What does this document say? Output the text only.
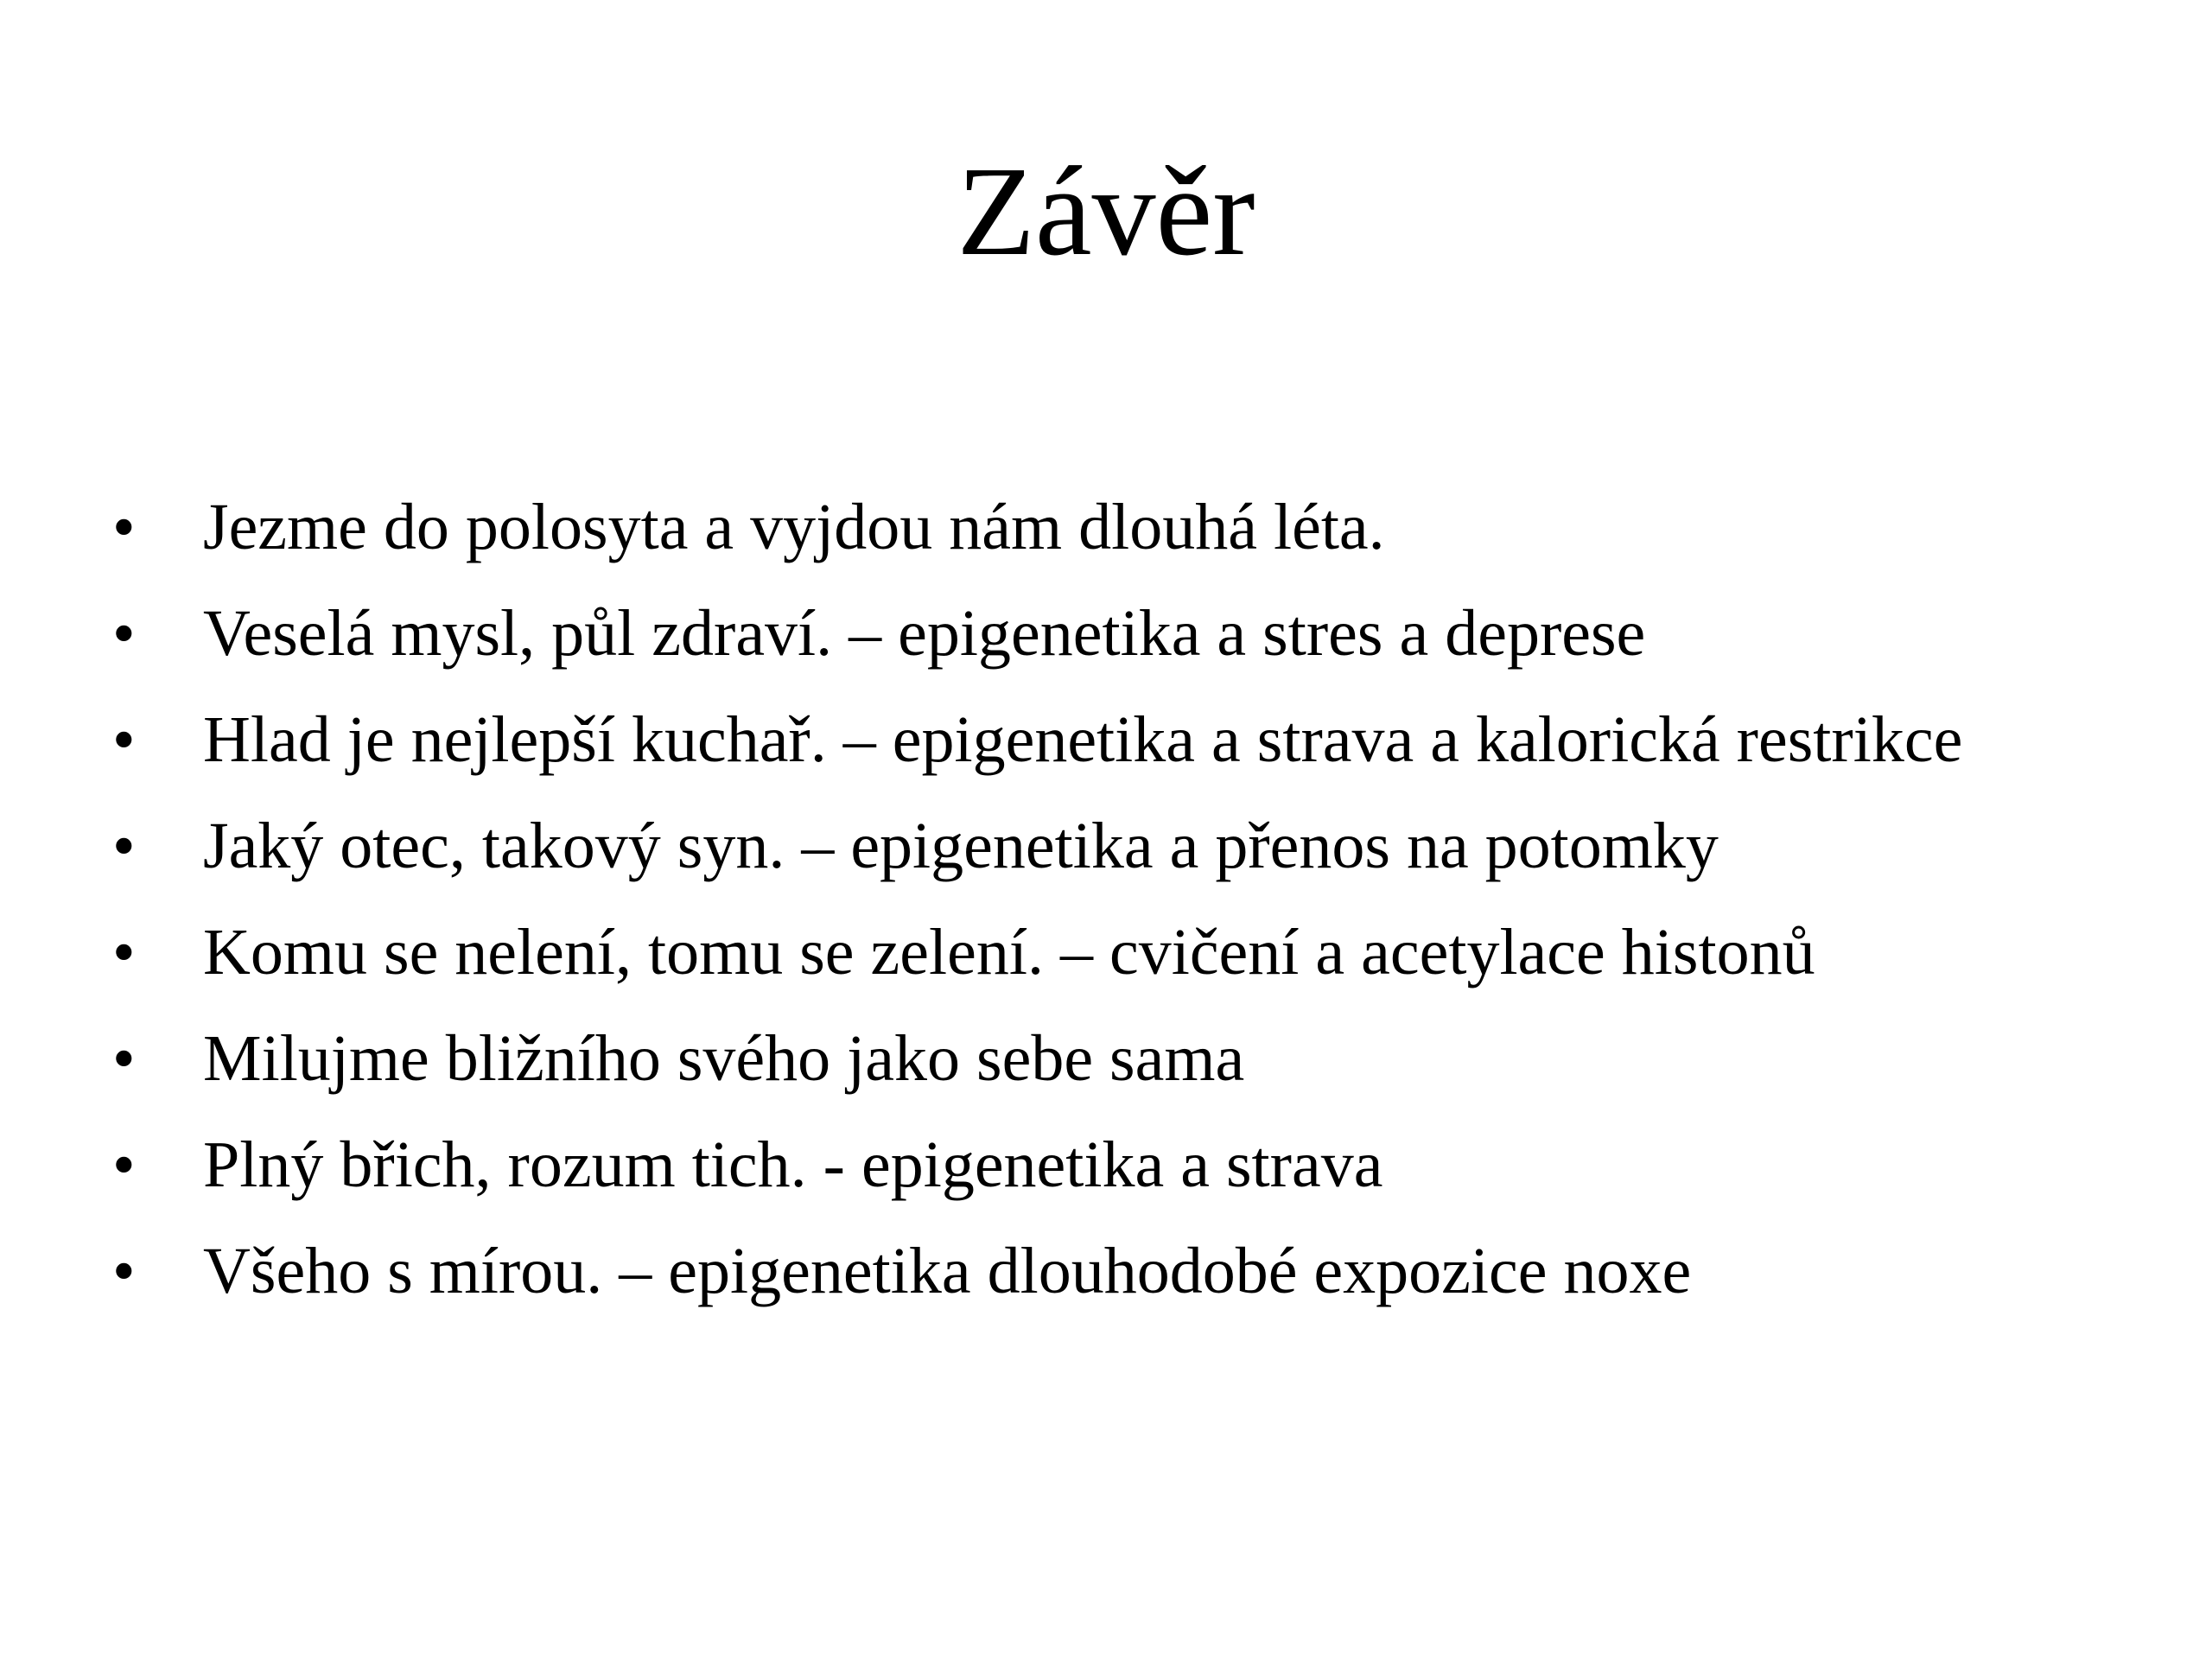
Závěr
•	Jezme do polosyta a vyjdou nám dlouhá léta.
•	Veselá mysl, půl zdraví. – epigenetika a stres a deprese
•	Hlad je nejlepší kuchař. – epigenetika a strava a kalorická restrikce
•	Jaký otec, takový syn. – epigenetika a přenos na potomky
•	Komu se nelení, tomu se zelení. – cvičení a acetylace histonů
•	Milujme bližního svého jako sebe sama
•	Plný břich, rozum tich. - epigenetika a strava
•	Všeho s mírou. – epigenetika dlouhodobé expozice noxe
